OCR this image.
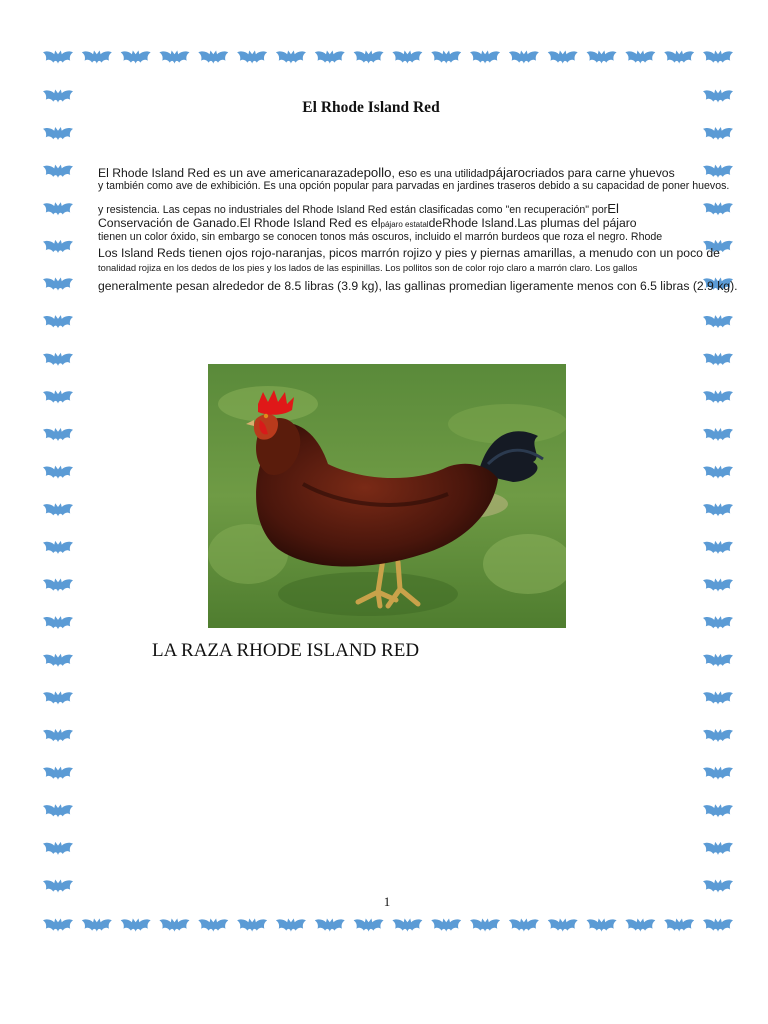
El Rhode Island Red
El Rhode Island Red es un ave americanarazadepollo, eso es una utilidadpájarocriados para carne yhuevos
y también como ave de exhibición. Es una opción popular para parvadas en jardines traseros debido a su capacidad de poner huevos.
y resistencia. Las cepas no industriales del Rhode Island Red están clasificadas como "en recuperación" porEl
Conservación de Ganado.El Rhode Island Red es elpájaro estataldeRhode Island.Las plumas del pájaro
tienen un color óxido, sin embargo se conocen tonos más oscuros, incluido el marrón burdeos que roza el negro. Rhode
Los Island Reds tienen ojos rojo-naranjas, picos marrón rojizo y pies y piernas amarillas, a menudo con un poco de
tonalidad rojiza en los dedos de los pies y los lados de las espinillas. Los pollitos son de color rojo claro a marrón claro. Los gallos
generalmente pesan alrededor de 8.5 libras (3.9 kg), las gallinas promedian ligeramente menos con 6.5 libras (2.9 kg).
LA RAZA RHODE ISLAND RED
1
